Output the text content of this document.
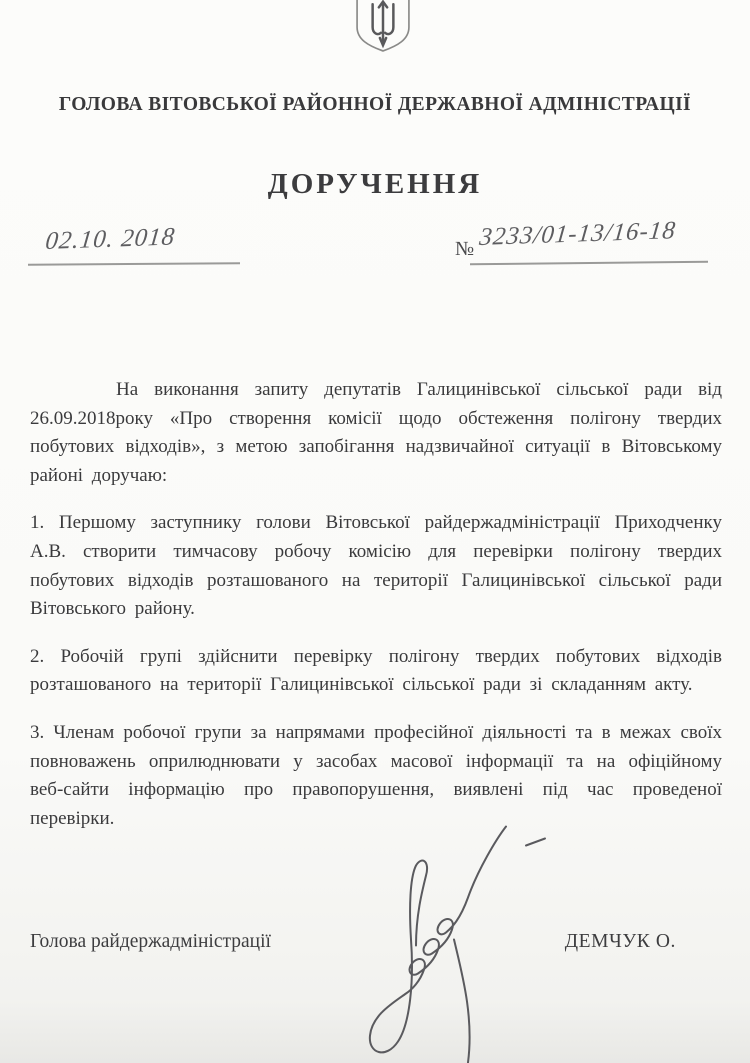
ГОЛОВА ВІТОВСЬКОЇ РАЙОННОЇ ДЕРЖАВНОЇ АДМІНІСТРАЦІЇ
ДОРУЧЕННЯ
02.10. 2018	№ 3233/01-13/16-18

На виконання запиту депутатів Галицинівської сільської ради від 26.09.2018року «Про створення комісії щодо обстеження полігону твердих побутових відходів», з метою запобігання надзвичайної ситуації в Вітовському районі доручаю:

1. Першому заступнику голови Вітовської райдержадміністрації Приходченку А.В. створити тимчасову робочу комісію для перевірки полігону твердих побутових відходів розташованого на території Галицинівської сільської ради Вітовського району.

2. Робочій групі здійснити перевірку полігону твердих побутових відходів розташованого на території Галицинівської сільської ради зі складанням акту.

3. Членам робочої групи за напрямами професійної діяльності та в межах своїх повноважень оприлюднювати у засобах масової інформації та на офіційному веб-сайти інформацію про правопорушення, виявлені під час проведеної перевірки.

Голова райдержадміністрації	ДЕМЧУК О.
